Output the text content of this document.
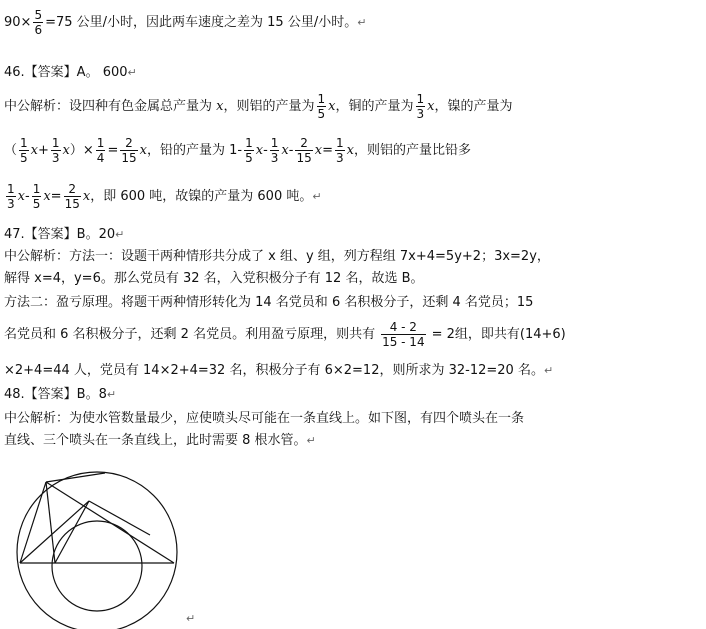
$90\times \frac{5}{6} =75$ 公里/小时，因此两车速度之差为 15 公里/小时。↵
46.【答案】A。 600↵
中公解析：设四种有色金属总产量为 x，则铝的产量为 $\frac{1}{5}$ x，铜的产量为 $\frac{1}{3}$ x，镍的产量为
（ $\frac{1}{5} x+ \frac{1}{3} x)\times \frac{1}{4} = \frac{2}{15}$ x，铅的产量为 $1- \frac{1}{5} x- \frac{1}{3} x- \frac{2}{15} x= \frac{1}{3}$ x，则铝的产量比铅多
$\frac{1}{3} x- \frac{1}{5} x= \frac{2}{15}$ x，即 600 吨，故镍的产量为 600 吨。↵
47.【答案】B。20↵
中公解析：方法一：设题干两种情形共分成了 x 组、y 组，列方程组 7x+4=5y+2；3x=2y，
解得 x=4，y=6。那么党员有 32 名，入党积极分子有 12 名，故选 B。
方法二：盈亏原理。将题干两种情形转化为 14 名党员和 6 名积极分子，还剩 4 名党员；15
名党员和 6 名积极分子，还剩 2 名党员。利用盈亏原理，则共有 $\frac{4 - 2}{15 - 14} = 2$组，即共有(14+6)
×2+4=44 人，党员有 14×2+4=32 名，积极分子有 6×2=12，则所求为 32-12=20 名。↵
48.【答案】B。8↵
中公解析：为使水管数量最少，应使喷头尽可能在一条直线上。如下图，有四个喷头在一条
直线、三个喷头在一条直线上，此时需要 8 根水管。↵
↵
